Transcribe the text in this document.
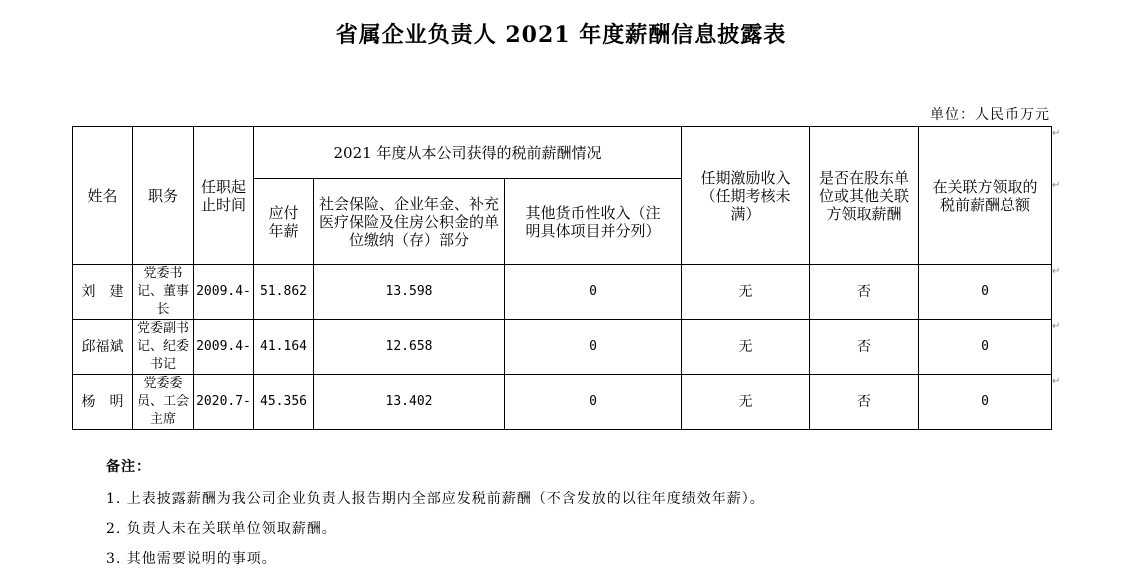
省属企业负责人 2021 年度薪酬信息披露表
单位：人民币万元
姓名	职务	任职起止时间	2021 年度从本公司获得的税前薪酬情况			任期激励收入（任期考核未满）	是否在股东单位或其他关联方领取薪酬	在关联方领取的税前薪酬总额
			应付年薪	社会保险、企业年金、补充医疗保险及住房公积金的单位缴纳（存）部分	其他货币性收入（注明具体项目并分列）			
刘　建	党委书记、董事长	2009.4-	51.862	13.598	0	无	否	0
邱福斌	党委副书记、纪委书记	2009.4-	41.164	12.658	0	无	否	0
杨　明	党委委员、工会主席	2020.7-	45.356	13.402	0	无	否	0
↵
↵
↵
↵
↵
备注：
1. 上表披露薪酬为我公司企业负责人报告期内全部应发税前薪酬（不含发放的以往年度绩效年薪）。
2. 负责人未在关联单位领取薪酬。
3. 其他需要说明的事项。
